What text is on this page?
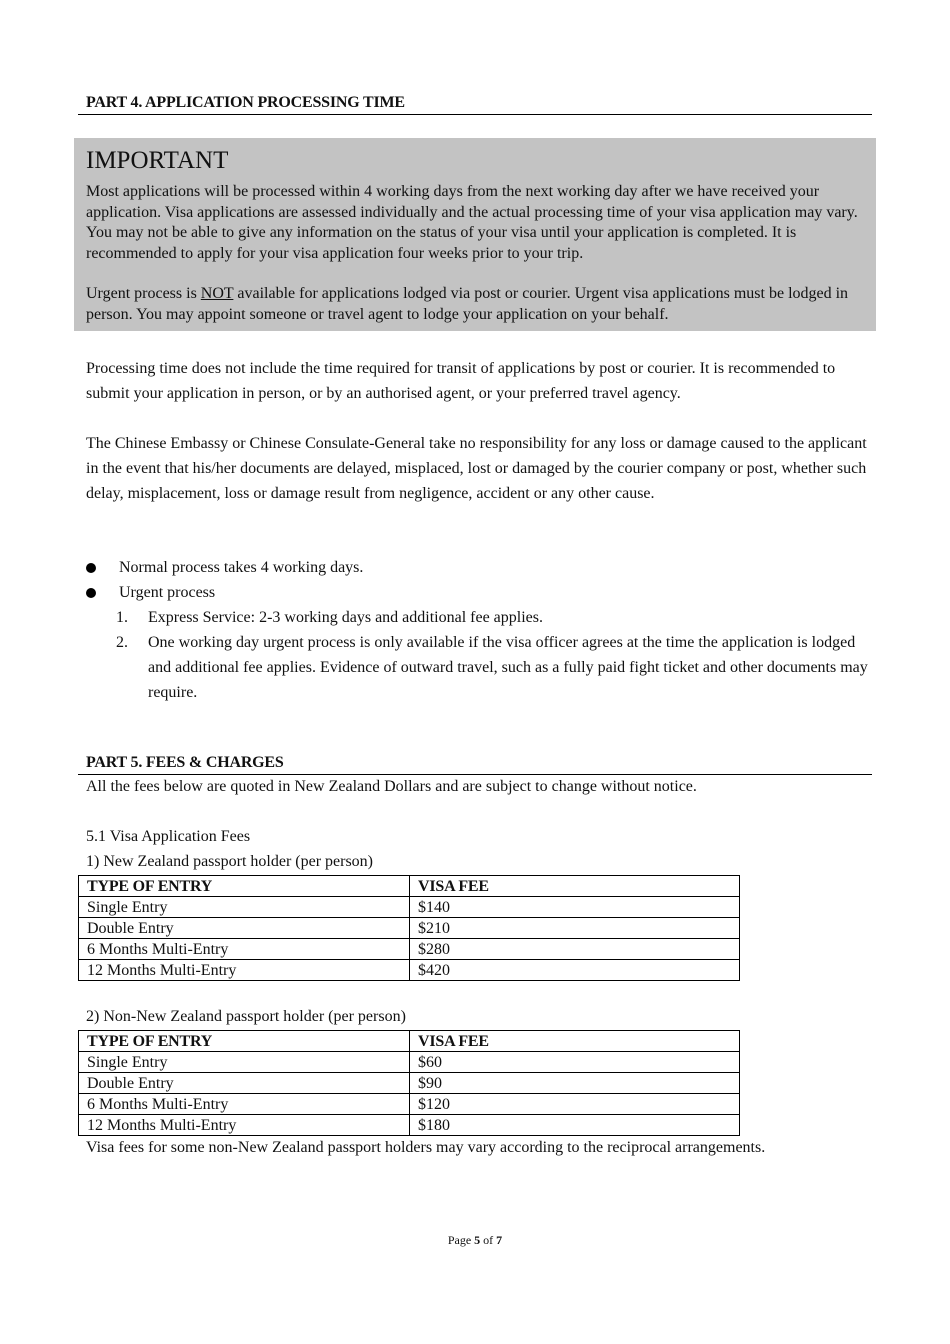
PART 4. APPLICATION PROCESSING TIME
IMPORTANT

Most applications will be processed within 4 working days from the next working day after we have received your application. Visa applications are assessed individually and the actual processing time of your visa application may vary. You may not be able to give any information on the status of your visa until your application is completed. It is recommended to apply for your visa application four weeks prior to your trip.

Urgent process is NOT available for applications lodged via post or courier. Urgent visa applications must be lodged in person. You may appoint someone or travel agent to lodge your application on your behalf.

Processing time does not include the time required for transit of applications by post or courier. It is recommended to submit your application in person, or by an authorised agent, or your preferred travel agency.

The Chinese Embassy or Chinese Consulate-General take no responsibility for any loss or damage caused to the applicant in the event that his/her documents are delayed, misplaced, lost or damaged by the courier company or post, whether such delay, misplacement, loss or damage result from negligence, accident or any other cause.

Normal process takes 4 working days.
Urgent process
1. Express Service: 2-3 working days and additional fee applies.
2. One working day urgent process is only available if the visa officer agrees at the time the application is lodged and additional fee applies. Evidence of outward travel, such as a fully paid fight ticket and other documents may require.
PART 5. FEES & CHARGES
All the fees below are quoted in New Zealand Dollars and are subject to change without notice.
5.1 Visa Application Fees
1) New Zealand passport holder (per person)
TYPE OF ENTRY	VISA FEE
Single Entry	$140
Double Entry	$210
6 Months Multi-Entry	$280
12 Months Multi-Entry	$420
2) Non-New Zealand passport holder (per person)
TYPE OF ENTRY	VISA FEE
Single Entry	$60
Double Entry	$90
6 Months Multi-Entry	$120
12 Months Multi-Entry	$180
Visa fees for some non-New Zealand passport holders may vary according to the reciprocal arrangements.
Page 5 of 7
